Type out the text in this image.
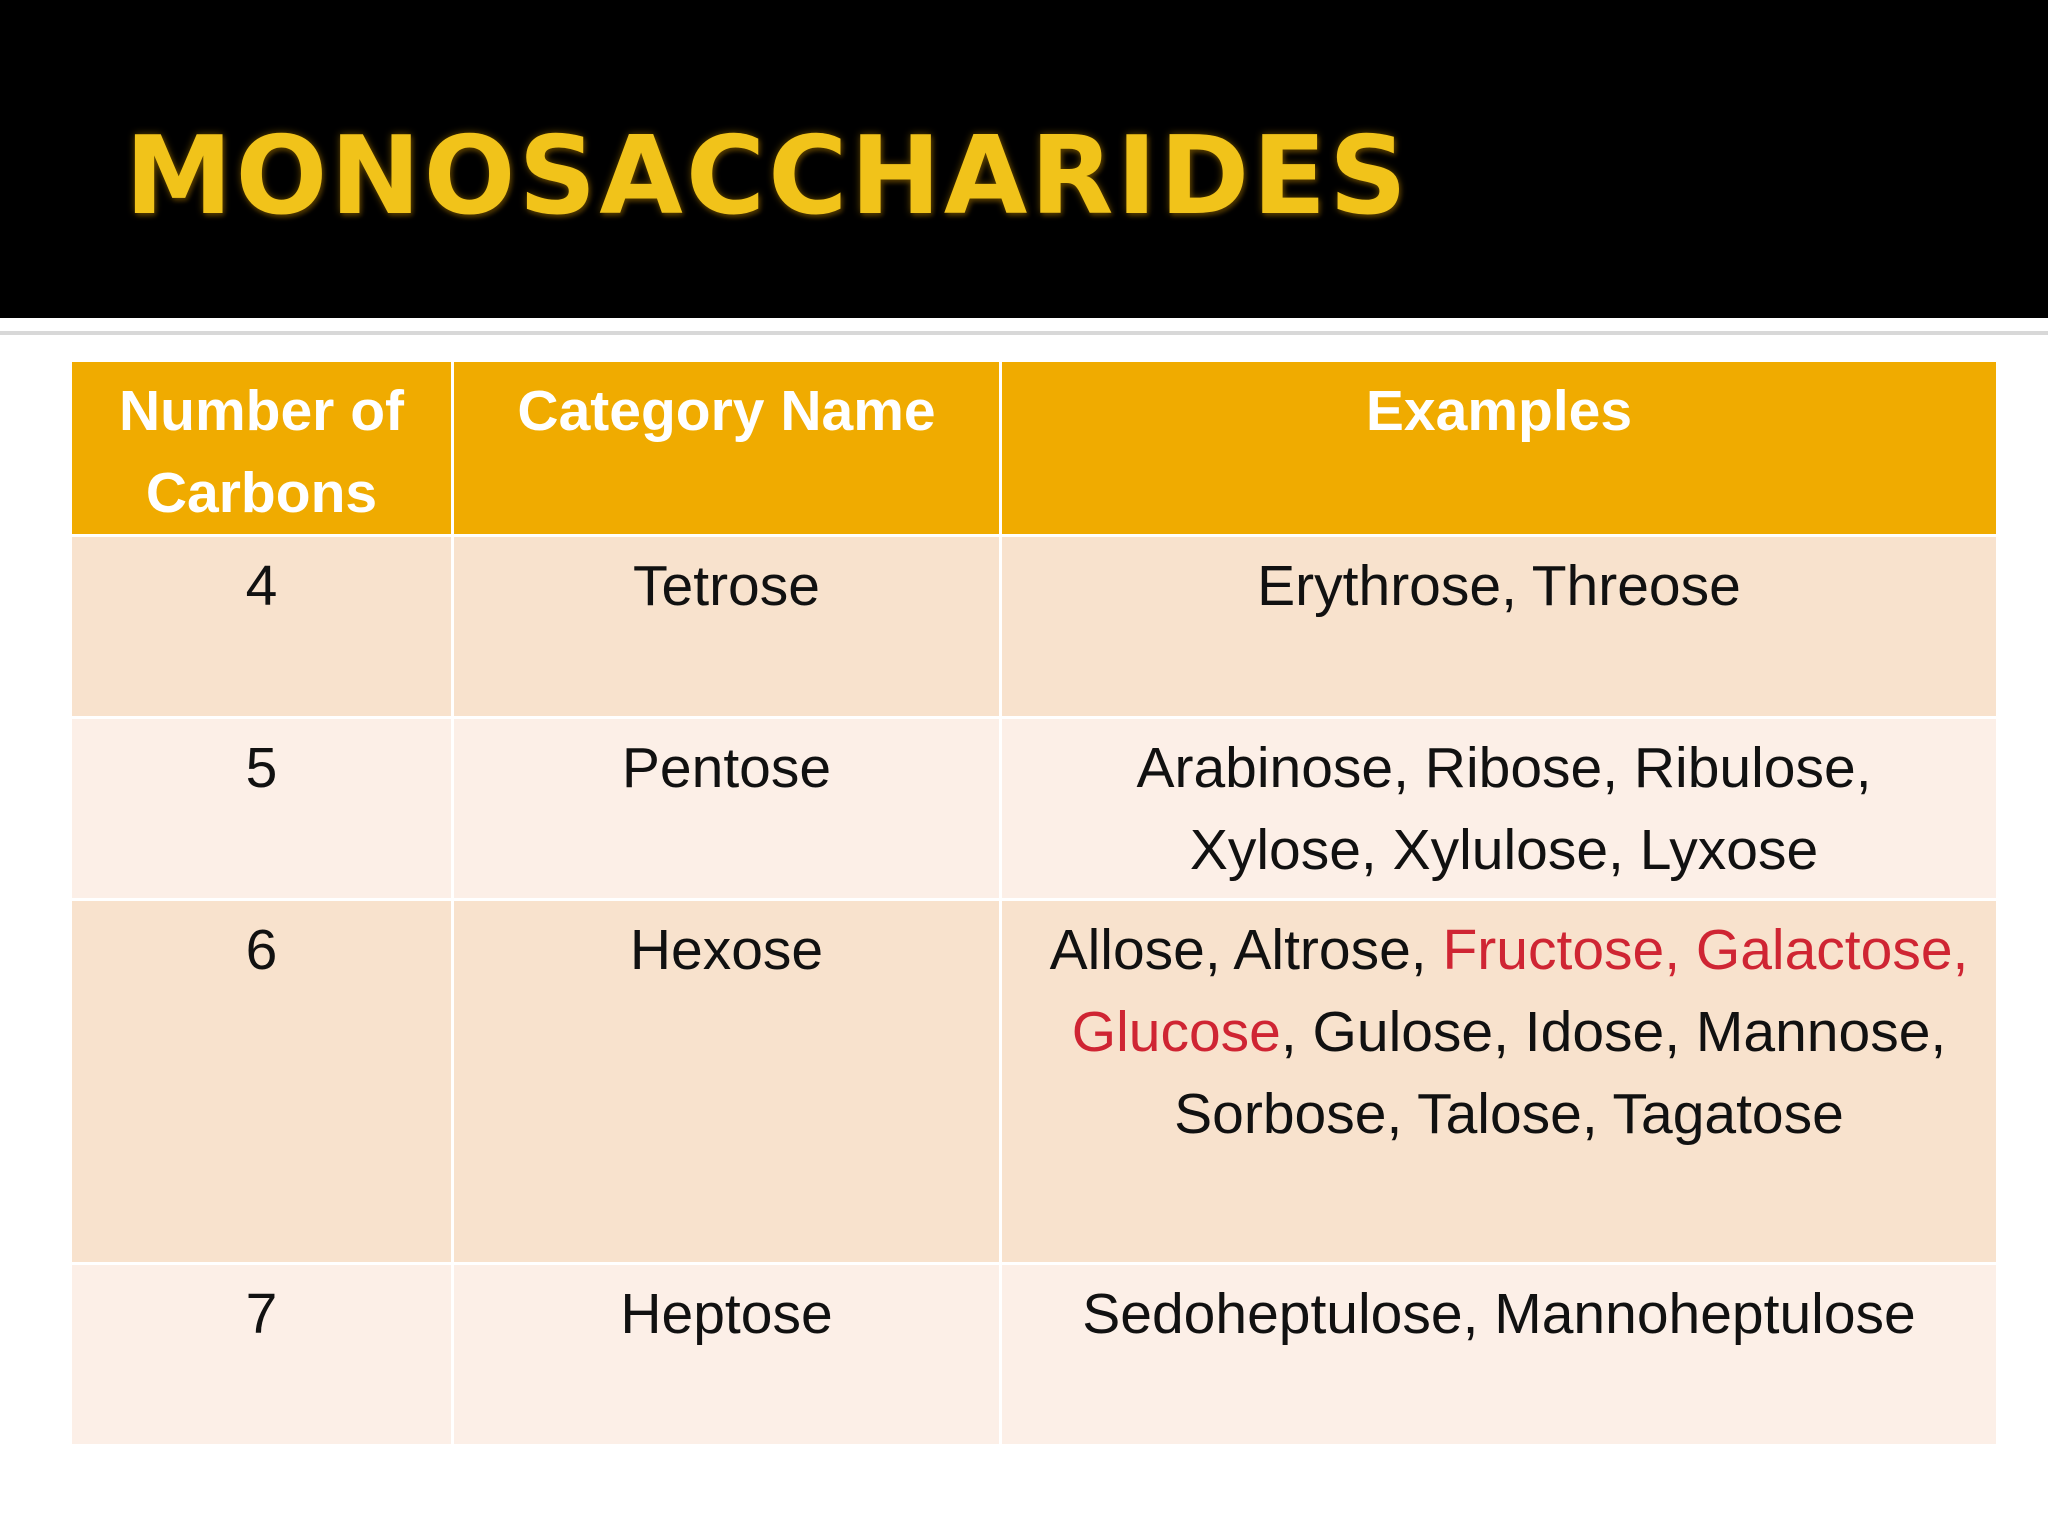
MONOSACCHARIDES
Number of Carbons	Category Name	Examples
4	Tetrose	Erythrose, Threose
5	Pentose	Arabinose, Ribose, Ribulose, Xylose, Xylulose, Lyxose
6	Hexose	Allose, Altrose, Fructose, Galactose, Glucose, Gulose, Idose, Mannose, Sorbose, Talose, Tagatose
7	Heptose	Sedoheptulose, Mannoheptulose
